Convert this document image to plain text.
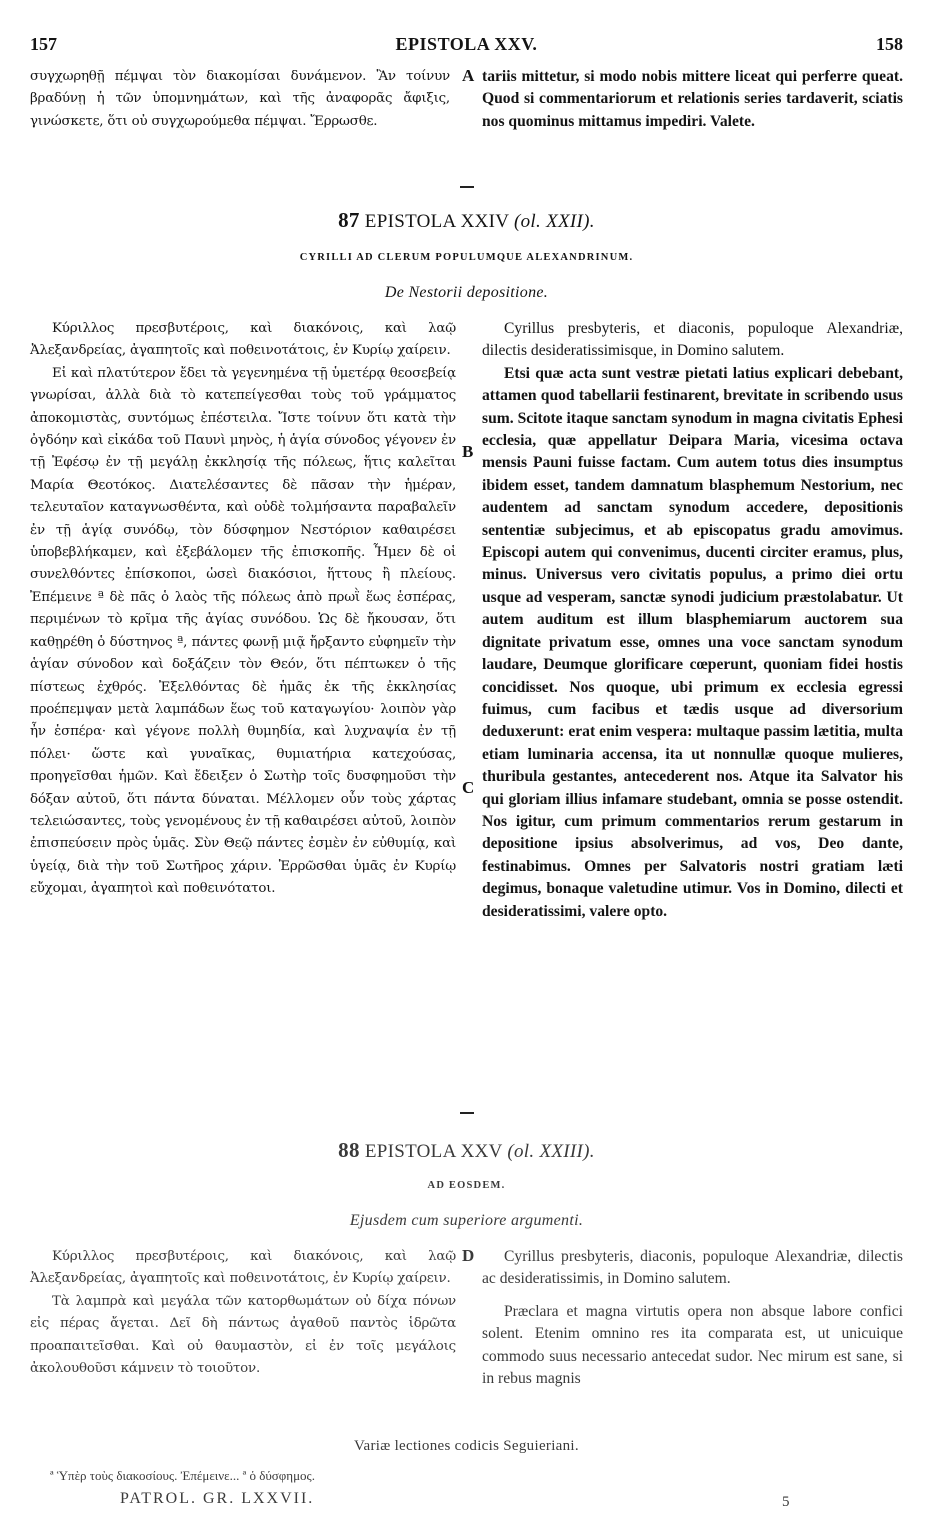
157	EPISTOLA XXV.	158

συγχωρηθῇ πέμψαι τὸν διακομίσαι δυνάμενον. Ἂν τοίνυν βραδύνῃ ἡ τῶν ὑπομνημάτων, καὶ τῆς ἀναφορᾶς ἄφιξις, γινώσκετε, ὅτι οὐ συγχωρούμεθα πέμψαι. Ἔρρωσθε.

A tariis mittetur, si modo nobis mittere liceat qui perferre queat. Quod si commentariorum et relationis series tardaverit, sciatis nos quominus mittamus impediri. Valete.

87 EPISTOLA XXIV (ol. XXII).
CYRILLI AD CLERUM POPULUMQUE ALEXANDRINUM.
De Nestorii depositione.

Κύριλλος πρεσβυτέροις, καὶ διακόνοις, καὶ λαῷ Ἀλεξανδρείας, ἀγαπητοῖς καὶ ποθεινοτάτοις, ἐν Κυρίῳ χαίρειν.

Εἰ καὶ πλατύτερον ἔδει τὰ γεγενημένα τῇ ὑμετέρᾳ θεοσεβείᾳ γνωρίσαι, ἀλλὰ διὰ τὸ κατεπείγεσθαι τοὺς τοῦ γράμματος ἀποκομιστὰς, συντόμως ἐπέστειλα. Ἴστε τοίνυν ὅτι κατὰ τὴν ὀγδόην καὶ εἰκάδα τοῦ Παυνὶ μηνὸς, ἡ ἁγία σύνοδος γέγονεν ἐν τῇ Ἐφέσῳ ἐν τῇ μεγάλῃ ἐκκλησίᾳ τῆς πόλεως, ἥτις καλεῖται Μαρία Θεοτόκος. Διατελέσαντες δὲ πᾶσαν τὴν ἡμέραν, τελευταῖον καταγνωσθέντα, καὶ οὐδὲ τολμήσαντα παραβαλεῖν ἐν τῇ ἁγίᾳ συνόδῳ, τὸν δύσφημον Νεστόριον καθαιρέσει ὑποβεβλήκαμεν, καὶ ἐξεβάλομεν τῆς ἐπισκοπῆς. Ἦμεν δὲ οἱ συνελθόντες ἐπίσκοποι, ὡσεὶ διακόσιοι, ἥττους ἢ πλείους. Ἐπέμεινε ª δὲ πᾶς ὁ λαὸς τῆς πόλεως ἀπὸ πρωῒ ἕως ἑσπέρας, περιμένων τὸ κρῖμα τῆς ἁγίας συνόδου. Ὡς δὲ ἤκουσαν, ὅτι καθῃρέθη ὁ δύστηνος ª, πάντες φωνῇ μιᾷ ἤρξαντο εὐφημεῖν τὴν ἁγίαν σύνοδον καὶ δοξάζειν τὸν Θεόν, ὅτι πέπτωκεν ὁ τῆς πίστεως ἐχθρός. Ἐξελθόντας δὲ ἡμᾶς ἐκ τῆς ἐκκλησίας προέπεμψαν μετὰ λαμπάδων ἕως τοῦ καταγωγίου· λοιπὸν γὰρ ἦν ἑσπέρα· καὶ γέγονε πολλὴ θυμηδία, καὶ λυχναψία ἐν τῇ πόλει· ὥστε καὶ γυναῖκας, θυμιατήρια κατεχούσας, προηγεῖσθαι ἡμῶν. Καὶ ἔδειξεν ὁ Σωτὴρ τοῖς δυσφημοῦσι τὴν δόξαν αὐτοῦ, ὅτι πάντα δύναται. Μέλλομεν οὖν τοὺς χάρτας τελειώσαντες, τοὺς γενομένους ἐν τῇ καθαιρέσει αὐτοῦ, λοιπὸν ἐπισπεύσειν πρὸς ὑμᾶς. Σὺν Θεῷ πάντες ἐσμὲν ἐν εὐθυμίᾳ, καὶ ὑγείᾳ, διὰ τὴν τοῦ Σωτῆρος χάριν. Ἐρρῶσθαι ὑμᾶς ἐν Κυρίῳ εὔχομαι, ἀγαπητοὶ καὶ ποθεινότατοι.

B
C

Cyrillus presbyteris, et diaconis, populoque Alexandriæ, dilectis desideratissimisque, in Domino salutem.

Etsi quæ acta sunt vestræ pietati latius explicari debebant, attamen quod tabellarii festinarent, brevitate in scribendo usus sum. Scitote itaque sanctam synodum in magna civitatis Ephesi ecclesia, quæ appellatur Deipara Maria, vicesima octava mensis Pauni fuisse factam. Cum autem totus dies insumptus ibidem esset, tandem damnatum blasphemum Nestorium, nec audentem ad sanctam synodum accedere, depositionis sententiæ subjecimus, et ab episcopatus gradu amovimus. Episcopi autem qui convenimus, ducenti circiter eramus, plus, minus. Universus vero civitatis populus, a primo diei ortu usque ad vesperam, sanctæ synodi judicium præstolabatur. Ut autem auditum est illum blasphemiarum auctorem sua dignitate privatum esse, omnes una voce sanctam synodum laudare, Deumque glorificare cœperunt, quoniam fidei hostis concidisset. Nos quoque, ubi primum ex ecclesia egressi fuimus, cum facibus et tædis usque ad diversorium deduxerunt: erat enim vespera: multaque passim lætitia, multa etiam luminaria accensa, ita ut nonnullæ quoque mulieres, thuribula gestantes, antecederent nos. Atque ita Salvator his qui gloriam illius infamare studebant, omnia se posse ostendit. Nos igitur, cum primum commentarios rerum gestarum in depositione ipsius absolverimus, ad vos, Deo dante, festinabimus. Omnes per Salvatoris nostri gratiam læti degimus, bonaque valetudine utimur. Vos in Domino, dilecti et desideratissimi, valere opto.

88 EPISTOLA XXV (ol. XXIII).
AD EOSDEM.
Ejusdem cum superiore argumenti.

Κύριλλος πρεσβυτέροις, καὶ διακόνοις, καὶ λαῷ Ἀλεξανδρείας, ἀγαπητοῖς καὶ ποθεινοτάτοις, ἐν Κυρίῳ χαίρειν.

Τὰ λαμπρὰ καὶ μεγάλα τῶν κατορθωμάτων οὐ δίχα πόνων εἰς πέρας ἄγεται. Δεῖ δὴ πάντως ἀγαθοῦ παντὸς ἱδρῶτα προαπαιτεῖσθαι. Καὶ οὐ θαυμαστὸν, εἰ ἐν τοῖς μεγάλοις ἀκολουθοῦσι κάμνειν τὸ τοιοῦτον.

D	Cyrillus presbyteris, diaconis, populoque Alexandriæ, dilectis ac desideratissimis, in Domino salutem.

Præclara et magna virtutis opera non absque labore confici solent. Etenim omnino res ita comparata est, ut unicuique commodo suus necessario antecedat sudor. Nec mirum est sane, si in rebus magnis

Variæ lectiones codicis Seguieriani.
ª Ὑπὲρ τοὺς διακοσίους. Ἐπέμεινε... ª ὁ δύσφημος.
PATROL. GR. LXXVII.	5
